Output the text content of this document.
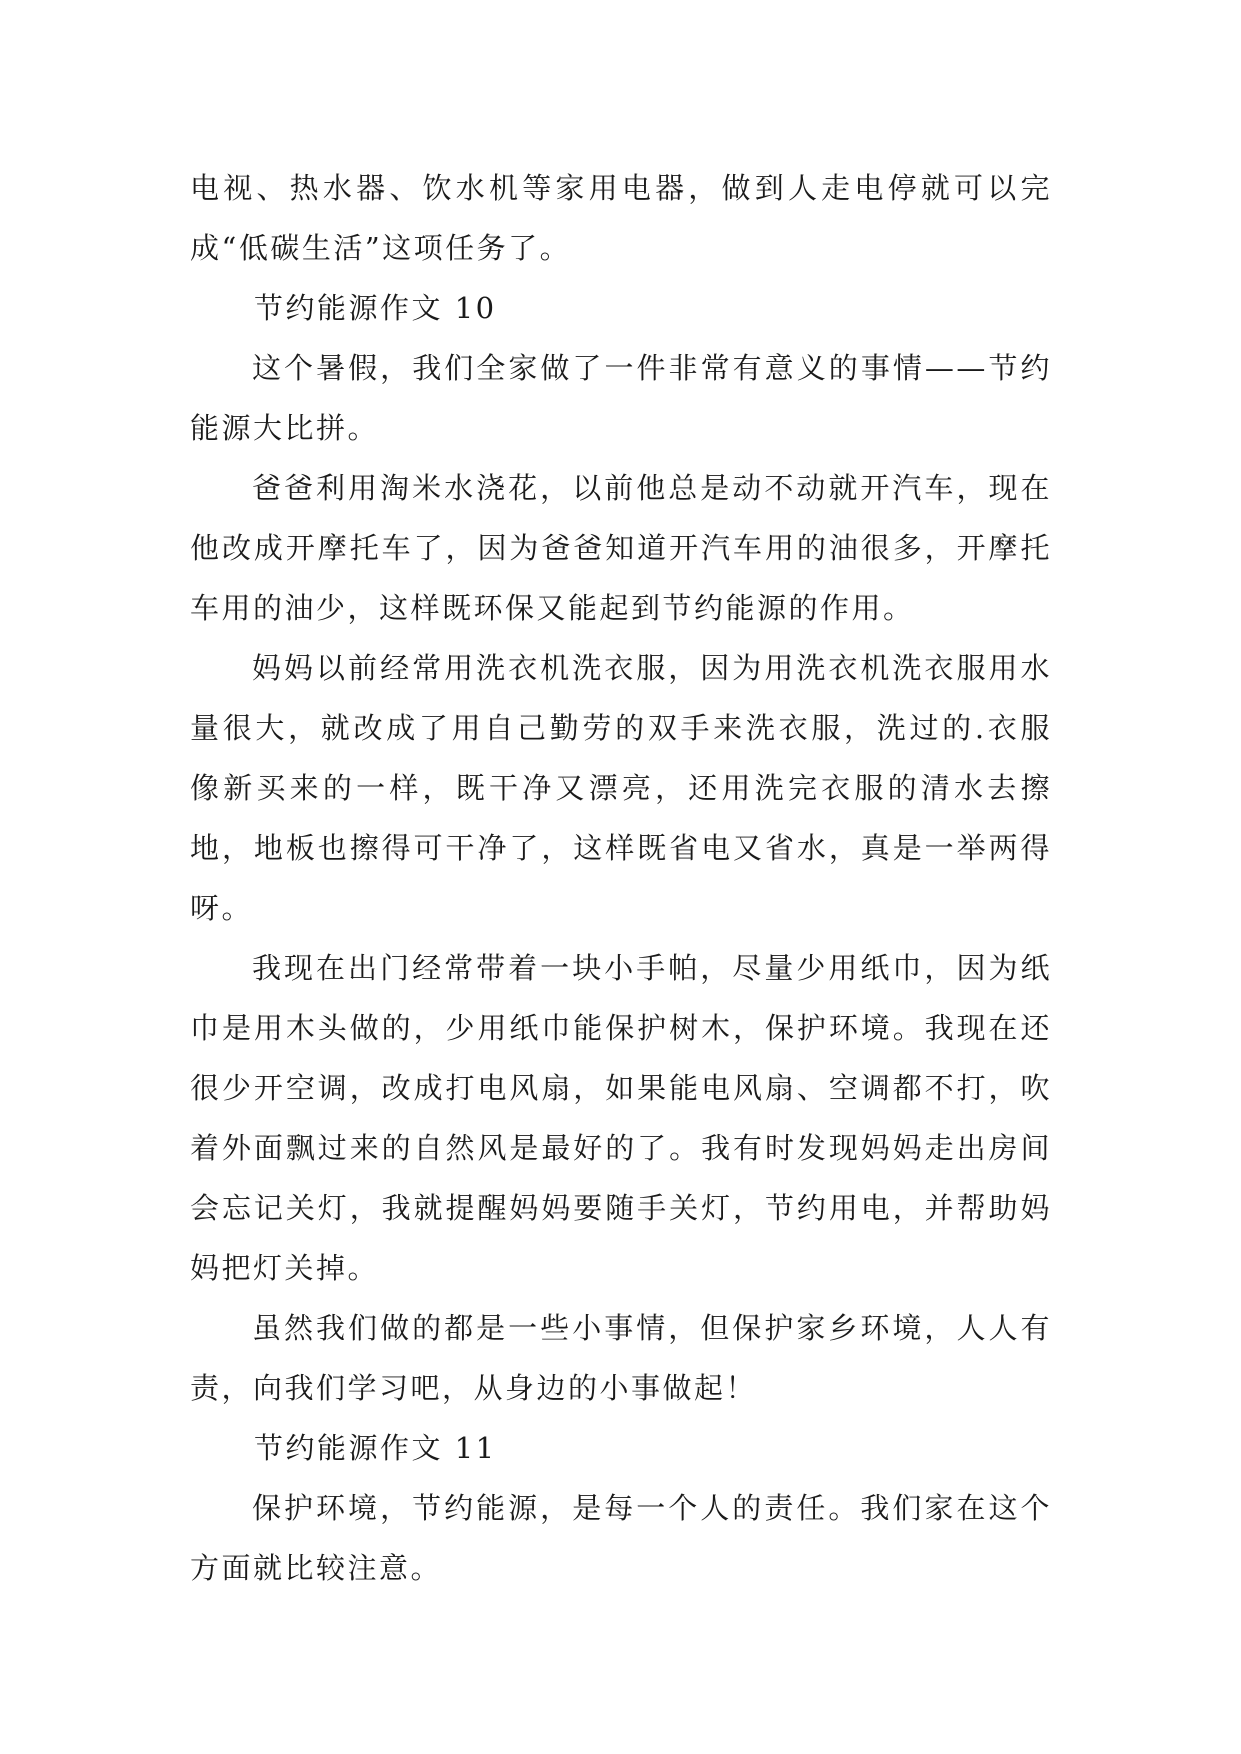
电视、热水器、饮水机等家用电器，做到人走电停就可以完成“低碳生活”这项任务了。

节约能源作文 10

这个暑假，我们全家做了一件非常有意义的事情——节约能源大比拼。

爸爸利用淘米水浇花，以前他总是动不动就开汽车，现在他改成开摩托车了，因为爸爸知道开汽车用的油很多，开摩托车用的油少，这样既环保又能起到节约能源的作用。

妈妈以前经常用洗衣机洗衣服，因为用洗衣机洗衣服用水量很大，就改成了用自己勤劳的双手来洗衣服，洗过的.衣服像新买来的一样，既干净又漂亮，还用洗完衣服的清水去擦地，地板也擦得可干净了，这样既省电又省水，真是一举两得呀。

我现在出门经常带着一块小手帕，尽量少用纸巾，因为纸巾是用木头做的，少用纸巾能保护树木，保护环境。我现在还很少开空调，改成打电风扇，如果能电风扇、空调都不打，吹着外面飘过来的自然风是最好的了。我有时发现妈妈走出房间会忘记关灯，我就提醒妈妈要随手关灯，节约用电，并帮助妈妈把灯关掉。

虽然我们做的都是一些小事情，但保护家乡环境，人人有责，向我们学习吧，从身边的小事做起！

节约能源作文 11

保护环境，节约能源，是每一个人的责任。我们家在这个方面就比较注意。
